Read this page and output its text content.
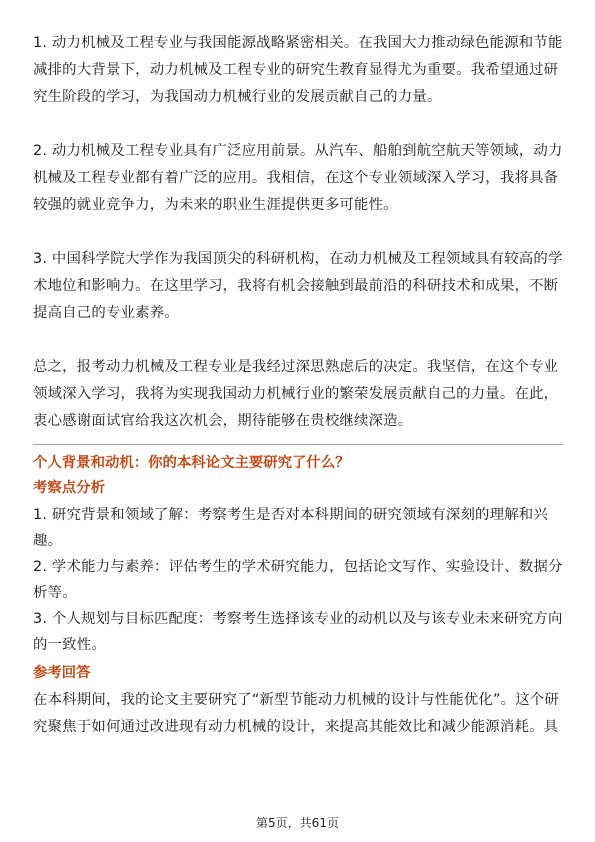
1. 动力机械及工程专业与我国能源战略紧密相关。在我国大力推动绿色能源和节能减排的大背景下，动力机械及工程专业的研究生教育显得尤为重要。我希望通过研究生阶段的学习，为我国动力机械行业的发展贡献自己的力量。

2. 动力机械及工程专业具有广泛应用前景。从汽车、船舶到航空航天等领域，动力机械及工程专业都有着广泛的应用。我相信，在这个专业领域深入学习，我将具备较强的就业竞争力，为未来的职业生涯提供更多可能性。

3. 中国科学院大学作为我国顶尖的科研机构，在动力机械及工程领域具有较高的学术地位和影响力。在这里学习，我将有机会接触到最前沿的科研技术和成果，不断提高自己的专业素养。

总之，报考动力机械及工程专业是我经过深思熟虑后的决定。我坚信，在这个专业领域深入学习，我将为实现我国动力机械行业的繁荣发展贡献自己的力量。在此，衷心感谢面试官给我这次机会，期待能够在贵校继续深造。

个人背景和动机：你的本科论文主要研究了什么？

考察点分析

1. 研究背景和领域了解：考察考生是否对本科期间的研究领域有深刻的理解和兴趣。

2. 学术能力与素养：评估考生的学术研究能力，包括论文写作、实验设计、数据分析等。

3. 个人规划与目标匹配度：考察考生选择该专业的动机以及与该专业未来研究方向的一致性。

参考回答

在本科期间，我的论文主要研究了“新型节能动力机械的设计与性能优化”。这个研究聚焦于如何通过改进现有动力机械的设计，来提高其能效比和减少能源消耗。具

第5页，共61页
